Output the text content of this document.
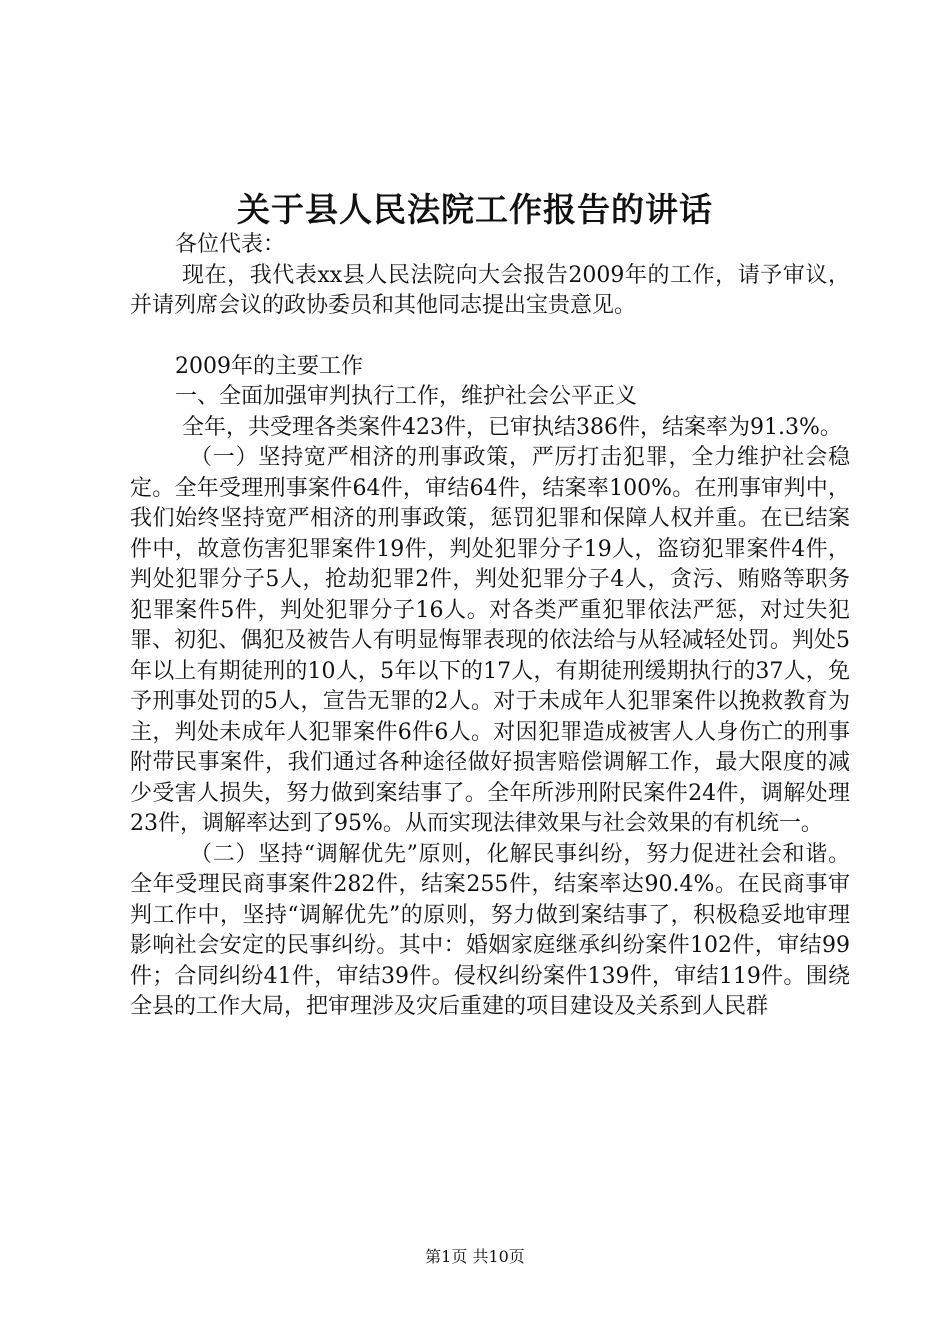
关于县人民法院工作报告的讲话

各位代表：

现在，我代表xx县人民法院向大会报告2009年的工作，请予审议，并请列席会议的政协委员和其他同志提出宝贵意见。

2009年的主要工作

一、全面加强审判执行工作，维护社会公平正义

全年，共受理各类案件423件，已审执结386件，结案率为91.3%。

（一）坚持宽严相济的刑事政策，严厉打击犯罪，全力维护社会稳定。全年受理刑事案件64件，审结64件，结案率100%。在刑事审判中，我们始终坚持宽严相济的刑事政策，惩罚犯罪和保障人权并重。在已结案件中，故意伤害犯罪案件19件，判处犯罪分子19人，盗窃犯罪案件4件，判处犯罪分子5人，抢劫犯罪2件，判处犯罪分子4人，贪污、贿赂等职务犯罪案件5件，判处犯罪分子16人。对各类严重犯罪依法严惩，对过失犯罪、初犯、偶犯及被告人有明显悔罪表现的依法给与从轻减轻处罚。判处5年以上有期徒刑的10人，5年以下的17人，有期徒刑缓期执行的37人，免予刑事处罚的5人，宣告无罪的2人。对于未成年人犯罪案件以挽救教育为主，判处未成年人犯罪案件6件6人。对因犯罪造成被害人人身伤亡的刑事附带民事案件，我们通过各种途径做好损害赔偿调解工作，最大限度的减少受害人损失，努力做到案结事了。全年所涉刑附民案件24件，调解处理23件，调解率达到了95%。从而实现法律效果与社会效果的有机统一。

（二）坚持“调解优先”原则，化解民事纠纷，努力促进社会和谐。全年受理民商事案件282件，结案255件，结案率达90.4%。在民商事审判工作中，坚持“调解优先”的原则，努力做到案结事了，积极稳妥地审理影响社会安定的民事纠纷。其中：婚姻家庭继承纠纷案件102件，审结99件；合同纠纷41件，审结39件。侵权纠纷案件139件，审结119件。围绕全县的工作大局，把审理涉及灾后重建的项目建设及关系到人民群

第1页 共10页
